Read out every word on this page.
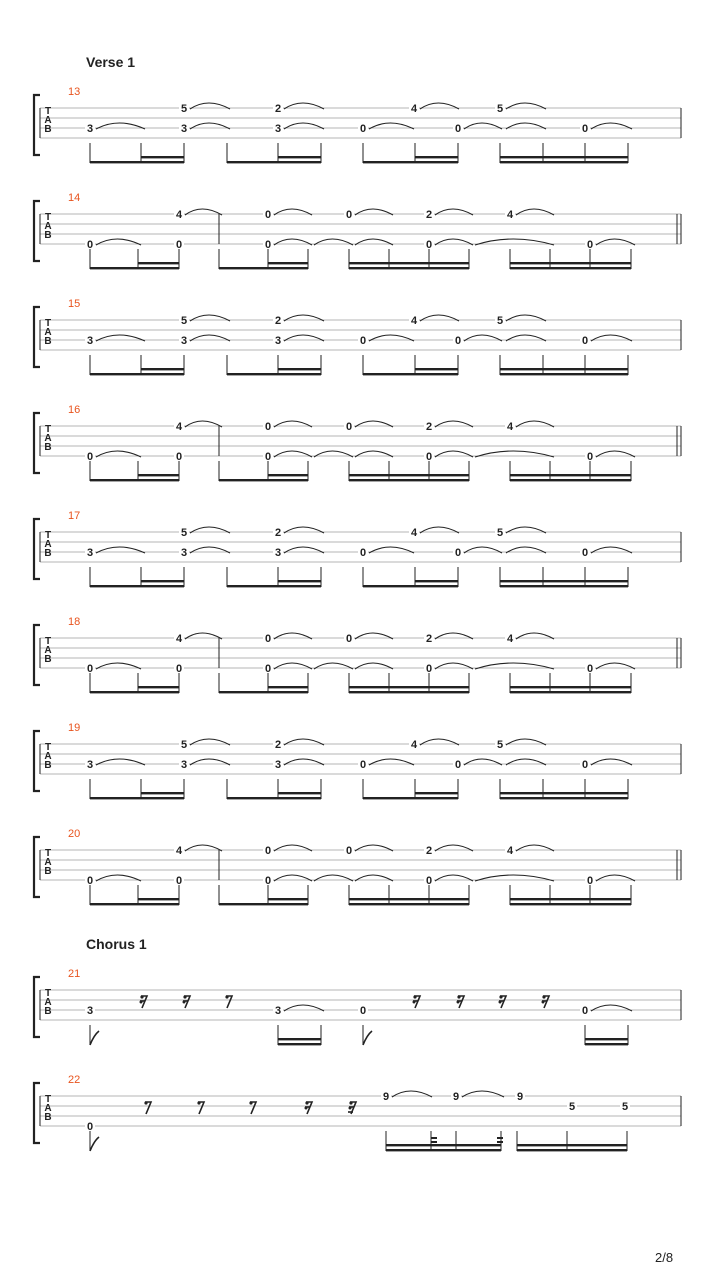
Verse 1
Chorus 1
T
A
B
13
3	3
5
3
2
0
4
0
5
0
T
A
B
14
0	0
4	0
0
0	2
0
4
0
T
A
B
15
3	3
5
3
2
0
4
0
5
0
T
A
B
16
0	0
4	0
0
0	2
0
4
0
T
A
B
17
3	3
5
3
2
0
4
0
5
0
T
A
B
18
0	0
4	0
0
0	2
0
4
0
T
A
B
19
3	3
5
3
2
0
4
0
5
0
T
A
B
20
0	0
4	0
0
0	2
0
4
0
T
A
B
21
3	3	0	0
T
A
B
22
0
9	9	9
5	5
2/8
